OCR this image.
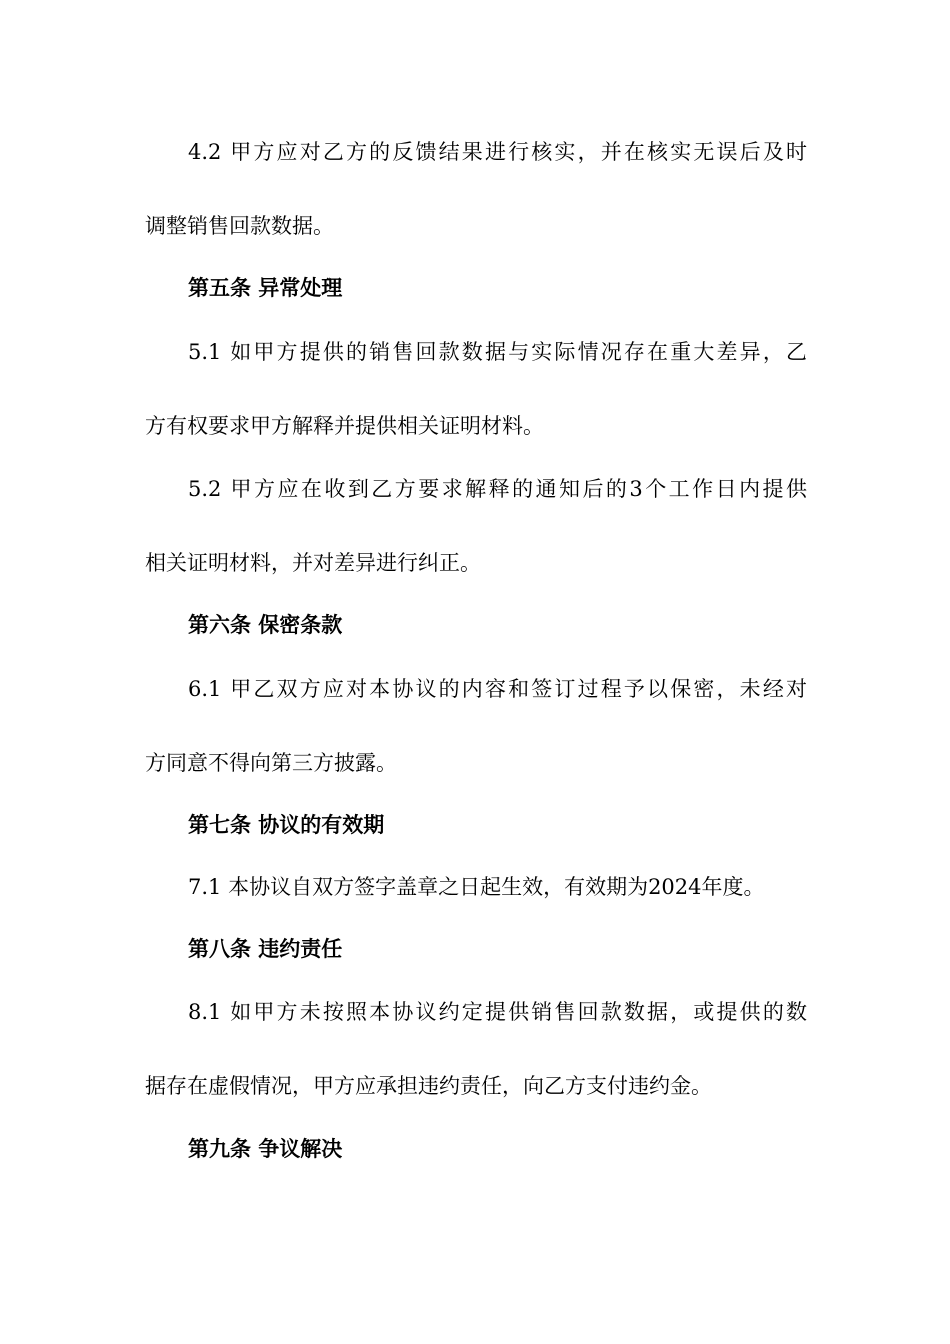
4.2 甲方应对乙方的反馈结果进行核实，并在核实无误后及时
调整销售回款数据。
第五条 异常处理
5.1 如甲方提供的销售回款数据与实际情况存在重大差异，乙
方有权要求甲方解释并提供相关证明材料。
5.2 甲方应在收到乙方要求解释的通知后的3个工作日内提供
相关证明材料，并对差异进行纠正。
第六条 保密条款
6.1 甲乙双方应对本协议的内容和签订过程予以保密，未经对
方同意不得向第三方披露。
第七条 协议的有效期
7.1 本协议自双方签字盖章之日起生效，有效期为2024年度。
第八条 违约责任
8.1 如甲方未按照本协议约定提供销售回款数据，或提供的数
据存在虚假情况，甲方应承担违约责任，向乙方支付违约金。
第九条 争议解决
